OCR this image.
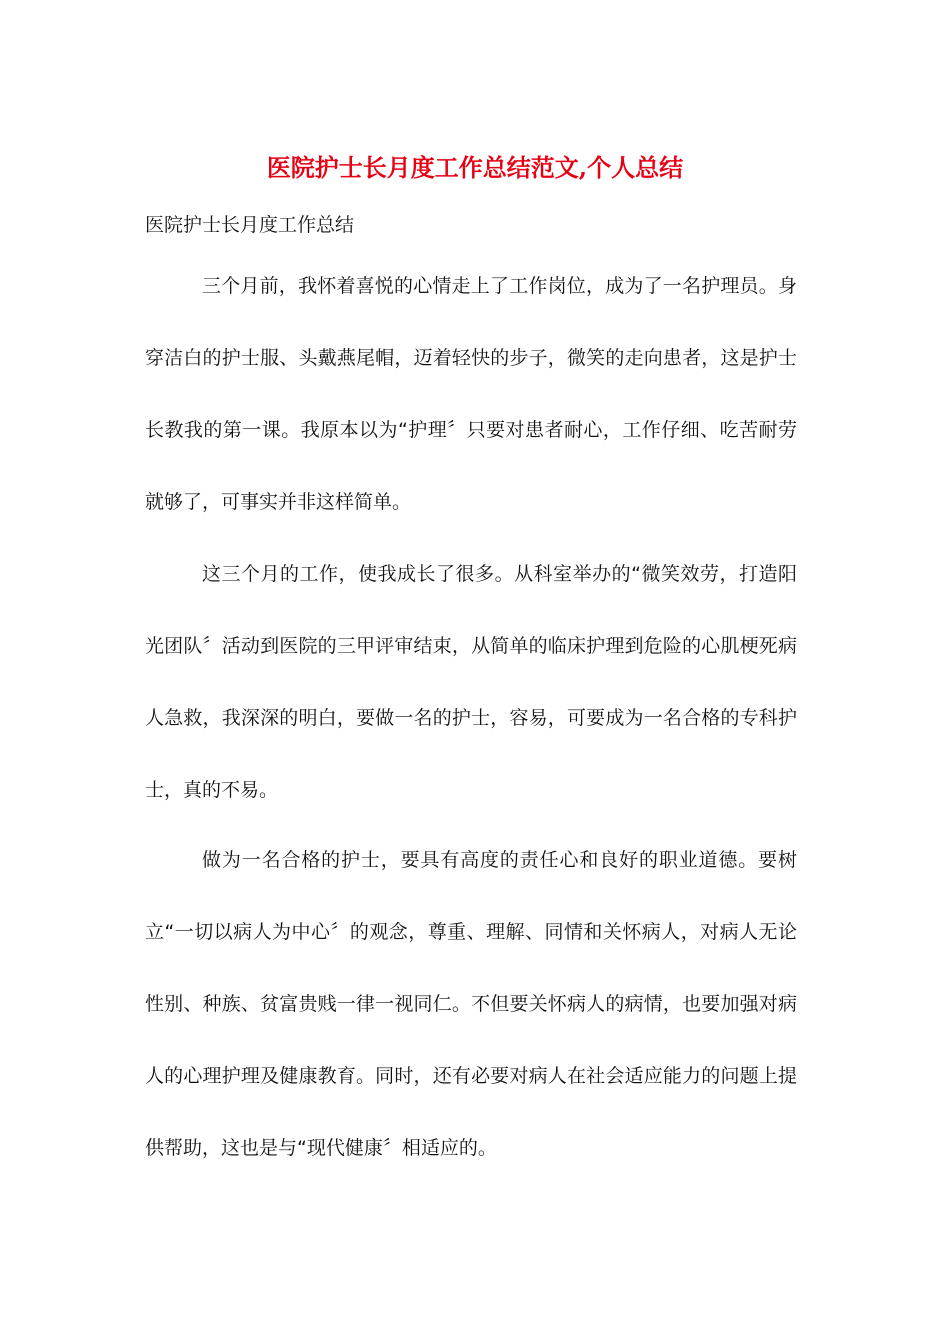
医院护士长月度工作总结范文,个人总结
医院护士长月度工作总结

三个月前，我怀着喜悦的心情走上了工作岗位，成为了一名护理员。身穿洁白的护士服、头戴燕尾帽，迈着轻快的步子，微笑的走向患者，这是护士长教我的第一课。我原本以为“护理〞只要对患者耐心，工作仔细、吃苦耐劳就够了，可事实并非这样简单。

这三个月的工作，使我成长了很多。从科室举办的“微笑效劳，打造阳光团队〞活动到医院的三甲评审结束，从简单的临床护理到危险的心肌梗死病人急救，我深深的明白，要做一名的护士，容易，可要成为一名合格的专科护士，真的不易。

做为一名合格的护士，要具有高度的责任心和良好的职业道德。要树立“一切以病人为中心〞的观念，尊重、理解、同情和关怀病人，对病人无论性别、种族、贫富贵贱一律一视同仁。不但要关怀病人的病情，也要加强对病人的心理护理及健康教育。同时，还有必要对病人在社会适应能力的问题上提供帮助，这也是与“现代健康〞相适应的。
